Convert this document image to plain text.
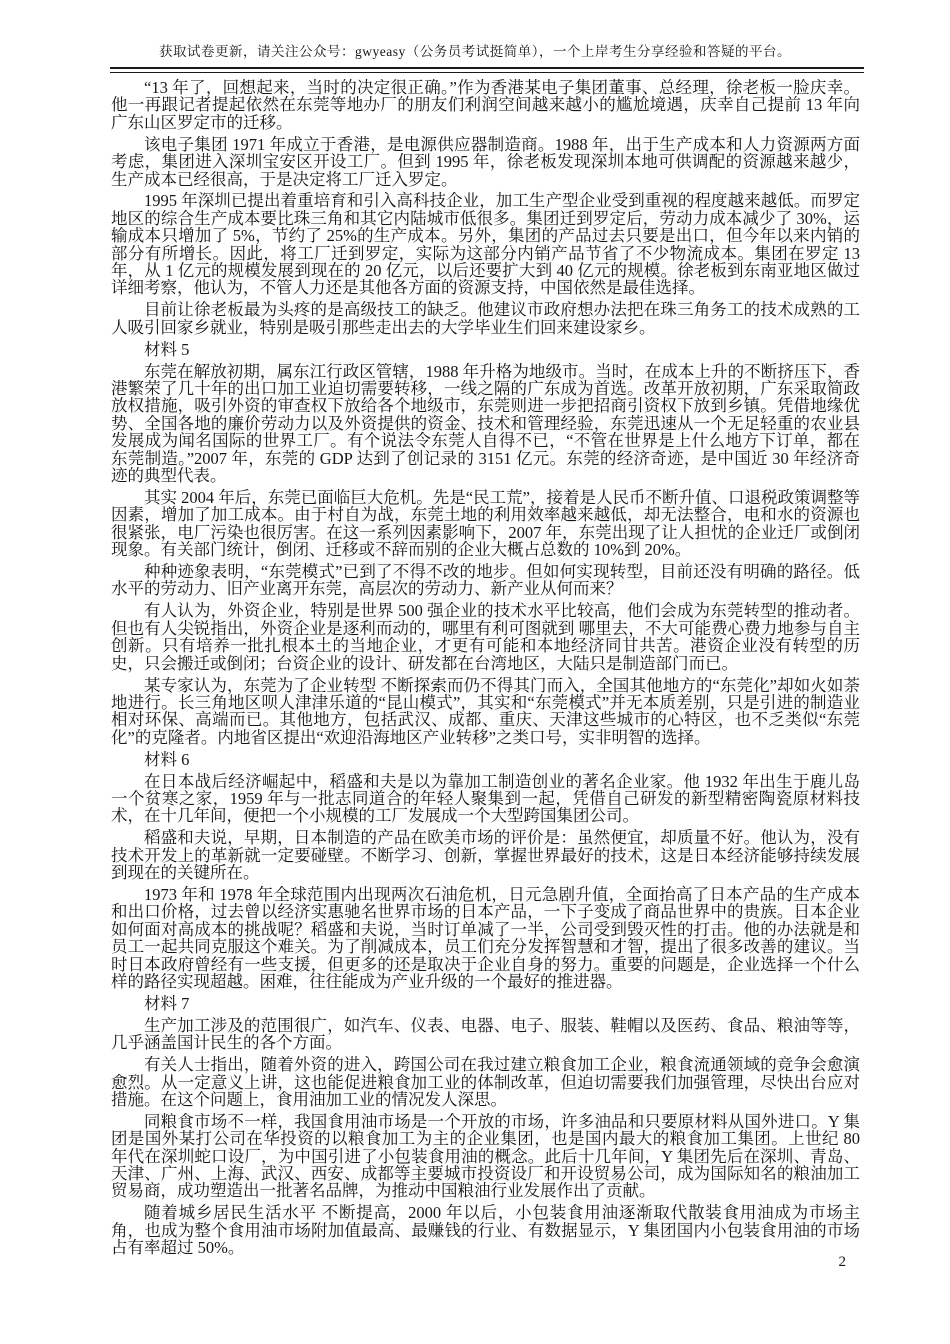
获取试卷更新，请关注公众号：gwyeasy（公务员考试挺简单），一个上岸考生分享经验和答疑的平台。

“13 年了，回想起来，当时的决定很正确。”作为香港某电子集团董事、总经理，徐老板一脸庆幸。他一再跟记者提起依然在东莞等地办厂的朋友们利润空间越来越小的尴尬境遇，庆幸自己提前 13 年向广东山区罗定市的迁移。

该电子集团 1971 年成立于香港，是电源供应器制造商。1988 年，出于生产成本和人力资源两方面考虑，集团进入深圳宝安区开设工厂。但到 1995 年，徐老板发现深圳本地可供调配的资源越来越少，生产成本已经很高，于是决定将工厂迁入罗定。

1995 年深圳已提出着重培育和引入高科技企业，加工生产型企业受到重视的程度越来越低。而罗定地区的综合生产成本要比珠三角和其它内陆城市低很多。集团迁到罗定后，劳动力成本减少了 30%，运输成本只增加了 5%，节约了 25%的生产成本。另外，集团的产品过去只要是出口，但今年以来内销的部分有所增长。因此，将工厂迁到罗定，实际为这部分内销产品节省了不少物流成本。集团在罗定 13 年，从 1 亿元的规模发展到现在的 20 亿元，以后还要扩大到 40 亿元的规模。徐老板到东南亚地区做过详细考察，他认为，不管人力还是其他各方面的资源支持，中国依然是最佳选择。

目前让徐老板最为头疼的是高级技工的缺乏。他建议市政府想办法把在珠三角务工的技术成熟的工人吸引回家乡就业，特别是吸引那些走出去的大学毕业生们回来建设家乡。

材料 5

东莞在解放初期，属东江行政区管辖，1988 年升格为地级市。当时，在成本上升的不断挤压下，香港繁荣了几十年的出口加工业迫切需要转移，一线之隔的广东成为首选。改革开放初期，广东采取简政放权措施，吸引外资的审查权下放给各个地级市，东莞则进一步把招商引资权下放到乡镇。凭借地缘优势、全国各地的廉价劳动力以及外资提供的资金、技术和管理经验，东莞迅速从一个无足轻重的农业县发展成为闻名国际的世界工厂。有个说法令东莞人自得不已，“不管在世界是上什么地方下订单，都在东莞制造。”2007 年，东莞的 GDP 达到了创记录的 3151 亿元。东莞的经济奇迹，是中国近 30 年经济奇迹的典型代表。

其实 2004 年后，东莞已面临巨大危机。先是“民工荒”，接着是人民币不断升值、口退税政策调整等因素，增加了加工成本。由于村自为战，东莞土地的利用效率越来越低，却无法整合，电和水的资源也很紧张，电厂污染也很厉害。在这一系列因素影响下，2007 年，东莞出现了让人担忧的企业迁厂或倒闭现象。有关部门统计，倒闭、迁移或不辞而别的企业大概占总数的 10%到 20%。

种种迹象表明，“东莞模式”已到了不得不改的地步。但如何实现转型，目前还没有明确的路径。低水平的劳动力、旧产业离开东莞，高层次的劳动力、新产业从何而来？

有人认为，外资企业，特别是世界 500 强企业的技术水平比较高，他们会成为东莞转型的推动者。但也有人尖锐指出，外资企业是逐利而动的，哪里有利可图就到 哪里去，不大可能费心费力地参与自主创新。只有培养一批扎根本土的当地企业，才更有可能和本地经济同甘共苦。港资企业没有转型的历史，只会搬迁或倒闭；台资企业的设计、研发都在台湾地区，大陆只是制造部门而已。

某专家认为，东莞为了企业转型 不断探索而仍不得其门而入，全国其他地方的“东莞化”却如火如荼地进行。长三角地区呗人津津乐道的“昆山模式”，其实和“东莞模式”并无本质差别，只是引进的制造业相对环保、高端而已。其他地方，包括武汉、成都、重庆、天津这些城市的心特区，也不乏类似“东莞化”的克隆者。内地省区提出“欢迎沿海地区产业转移”之类口号，实非明智的选择。

材料 6

在日本战后经济崛起中，稻盛和夫是以为靠加工制造创业的著名企业家。他 1932 年出生于鹿儿岛一个贫寒之家，1959 年与一批志同道合的年轻人聚集到一起，凭借自己研发的新型精密陶瓷原材料技术，在十几年间，便把一个小规模的工厂发展成一个大型跨国集团公司。

稻盛和夫说，早期，日本制造的产品在欧美市场的评价是：虽然便宜，却质量不好。他认为，没有技术开发上的革新就一定要碰壁。不断学习、创新，掌握世界最好的技术，这是日本经济能够持续发展到现在的关键所在。

1973 年和 1978 年全球范围内出现两次石油危机，日元急剧升值，全面抬高了日本产品的生产成本和出口价格，过去曾以经济实惠驰名世界市场的日本产品，一下子变成了商品世界中的贵族。日本企业如何面对高成本的挑战呢？稻盛和夫说，当时订单减了一半，公司受到毁灭性的打击。他的办法就是和员工一起共同克服这个难关。为了削减成本，员工们充分发挥智慧和才智，提出了很多改善的建议。当时日本政府曾经有一些支援，但更多的还是取决于企业自身的努力。重要的问题是，企业选择一个什么样的路径实现超越。困难，往往能成为产业升级的一个最好的推进器。

材料 7

生产加工涉及的范围很广，如汽车、仪表、电器、电子、服装、鞋帽以及医药、食品、粮油等等，几乎涵盖国计民生的各个方面。

有关人士指出，随着外资的进入，跨国公司在我过建立粮食加工企业，粮食流通领域的竞争会愈演愈烈。从一定意义上讲，这也能促进粮食加工业的体制改革，但迫切需要我们加强管理，尽快出台应对措施。在这个问题上，食用油加工业的情况发人深思。

同粮食市场不一样，我国食用油市场是一个开放的市场，许多油品和只要原材料从国外进口。Y 集团是国外某打公司在华投资的以粮食加工为主的企业集团，也是国内最大的粮食加工集团。上世纪 80 年代在深圳蛇口设厂，为中国引进了小包装食用油的概念。此后十几年间，Y 集团先后在深圳、青岛、天津、广州、上海、武汉、西安、成都等主要城市投资设厂和开设贸易公司，成为国际知名的粮油加工贸易商，成功塑造出一批著名品牌，为推动中国粮油行业发展作出了贡献。

随着城乡居民生活水平 不断提高，2000 年以后，小包装食用油逐渐取代散装食用油成为市场主角，也成为整个食用油市场附加值最高、最赚钱的行业、有数据显示，Y 集团国内小包装食用油的市场占有率超过 50%。

2
